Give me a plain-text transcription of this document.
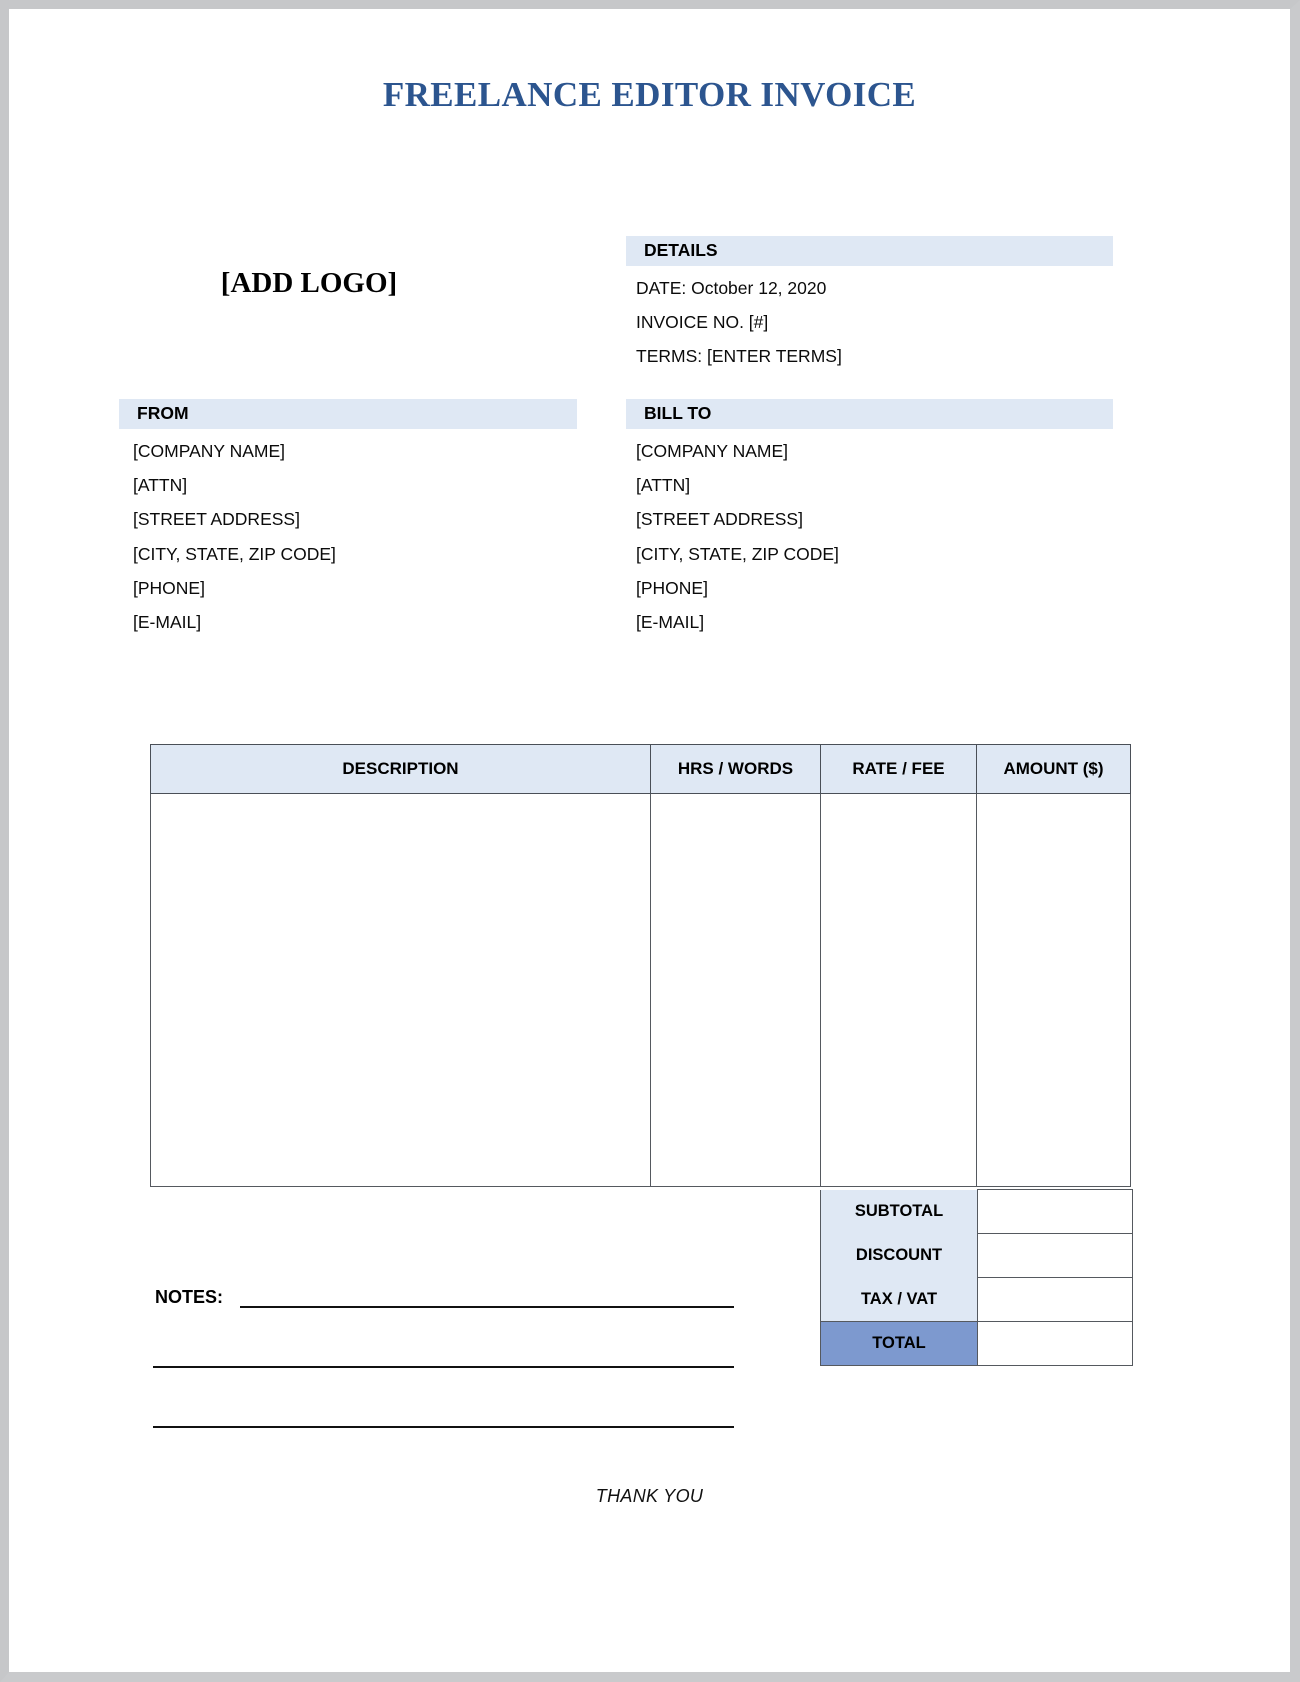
FREELANCE EDITOR INVOICE
[ADD LOGO]
DETAILS
DATE: October 12, 2020
INVOICE NO. [#]
TERMS: [ENTER TERMS]
FROM
[COMPANY NAME]
[ATTN]
[STREET ADDRESS]
[CITY, STATE, ZIP CODE]
[PHONE]
[E-MAIL]
BILL TO
[COMPANY NAME]
[ATTN]
[STREET ADDRESS]
[CITY, STATE, ZIP CODE]
[PHONE]
[E-MAIL]
DESCRIPTION	HRS / WORDS	RATE / FEE	AMOUNT ($)

SUBTOTAL	
DISCOUNT	
TAX / VAT	
TOTAL	
NOTES:
THANK YOU
